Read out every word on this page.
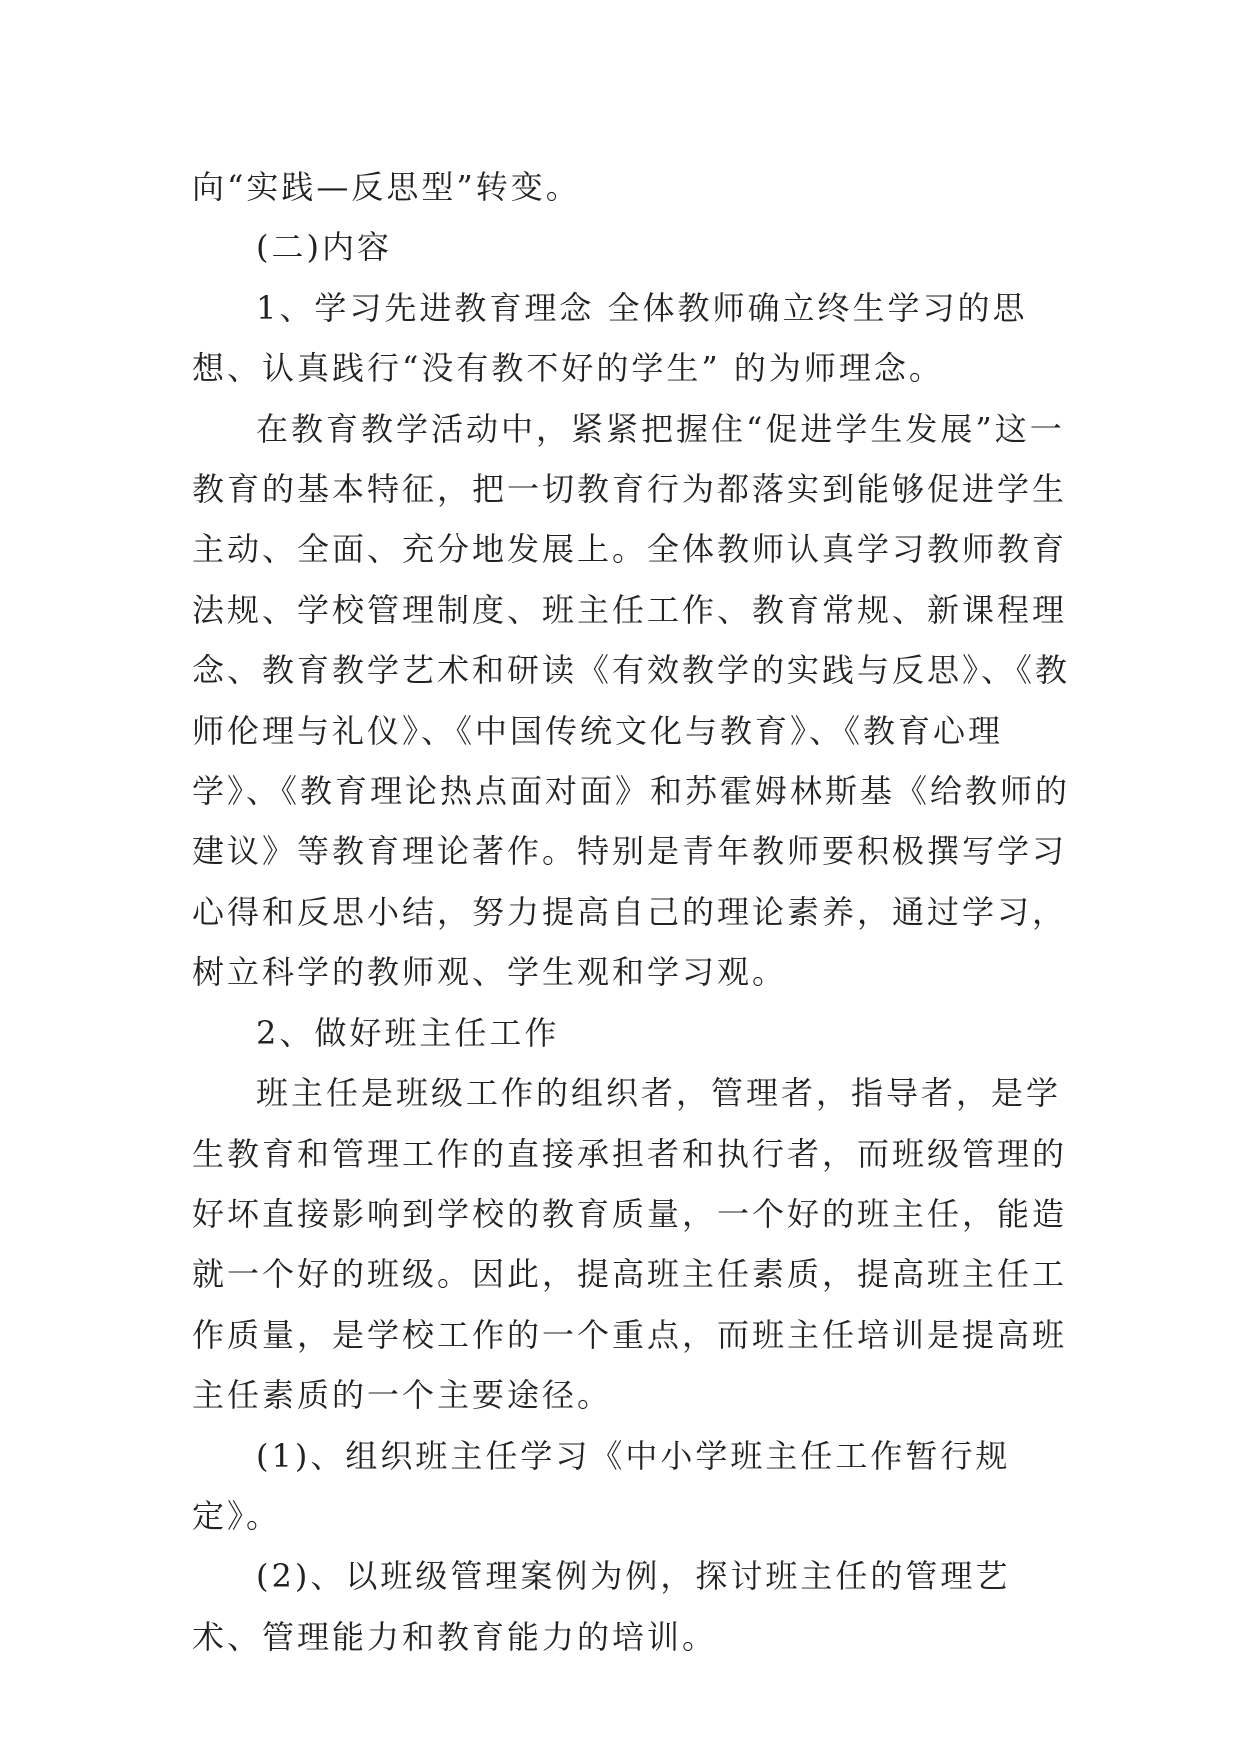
向“实践—反思型”转变。

(二)内容

1、学习先进教育理念 全体教师确立终生学习的思想、认真践行“没有教不好的学生” 的为师理念。

在教育教学活动中，紧紧把握住“促进学生发展”这一教育的基本特征，把一切教育行为都落实到能够促进学生主动、全面、充分地发展上。全体教师认真学习教师教育法规、学校管理制度、班主任工作、教育常规、新课程理念、教育教学艺术和研读《有效教学的实践与反思》、《教师伦理与礼仪》、《中国传统文化与教育》、《教育心理学》、《教育理论热点面对面》和苏霍姆林斯基《给教师的建议》等教育理论著作。特别是青年教师要积极撰写学习心得和反思小结，努力提高自己的理论素养，通过学习，树立科学的教师观、学生观和学习观。

2、做好班主任工作

班主任是班级工作的组织者，管理者，指导者，是学生教育和管理工作的直接承担者和执行者，而班级管理的好坏直接影响到学校的教育质量，一个好的班主任，能造就一个好的班级。因此，提高班主任素质，提高班主任工作质量，是学校工作的一个重点，而班主任培训是提高班主任素质的一个主要途径。

(1)、组织班主任学习《中小学班主任工作暂行规定》。

(2)、以班级管理案例为例，探讨班主任的管理艺术、管理能力和教育能力的培训。
